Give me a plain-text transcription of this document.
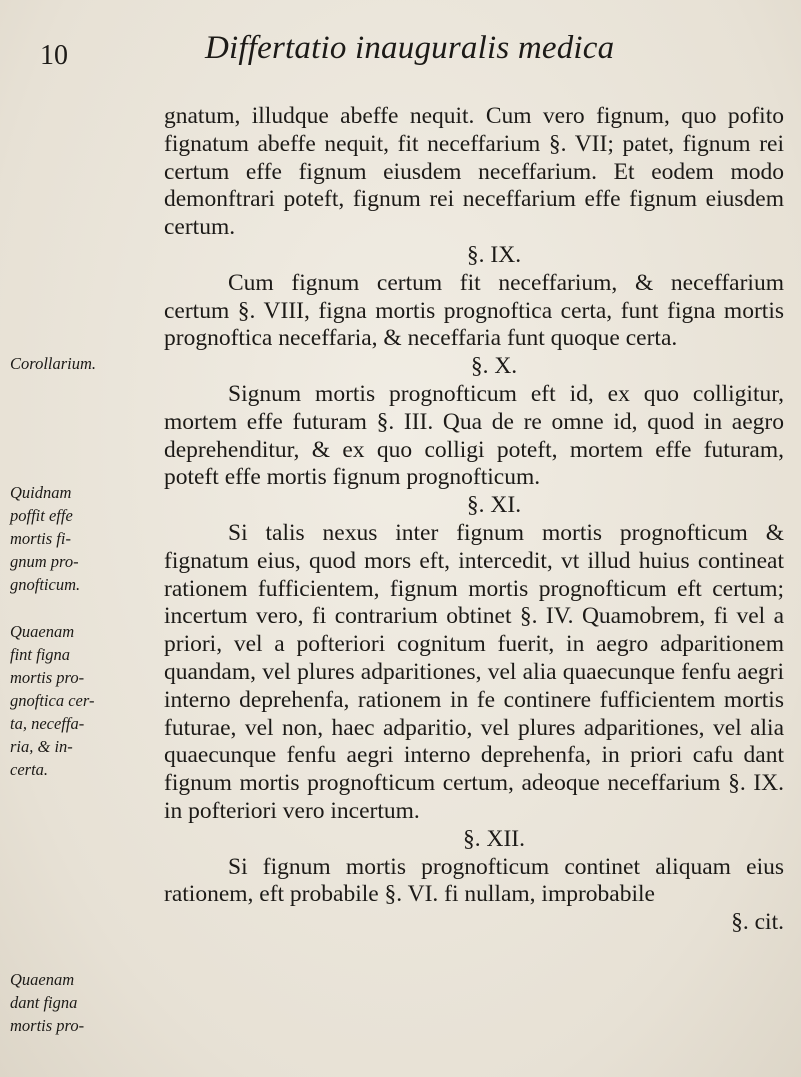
10	Differtatio inauguralis medica
Corollarium.
Quidnam
poffit effe
mortis fi-
gnum pro-
gnofticum.
Quaenam
fint figna
mortis pro-
gnoftica cer-
ta, neceffa-
ria, & in-
certa.
Quaenam
dant figna
mortis pro-

gnatum, illudque abeffe nequit. Cum vero fignum, quo pofito fignatum abeffe nequit, fit neceffarium §. VII; patet, fignum rei certum effe fignum eiusdem neceffarium. Et eodem modo demonftrari poteft, fignum rei neceffarium effe fignum eiusdem certum.

§. IX.

Cum fignum certum fit neceffarium, & neceffarium certum §. VIII, figna mortis prognoftica certa, funt figna mortis prognoftica neceffaria, & neceffaria funt quoque certa.

§. X.

Signum mortis prognofticum eft id, ex quo colligitur, mortem effe futuram §. III. Qua de re omne id, quod in aegro deprehenditur, & ex quo colligi poteft, mortem effe futuram, poteft effe mortis fignum prognofticum.

§. XI.

Si talis nexus inter fignum mortis prognofticum & fignatum eius, quod mors eft, intercedit, vt illud huius contineat rationem fufficientem, fignum mortis prognofticum eft certum; incertum vero, fi contrarium obtinet §. IV. Quamobrem, fi vel a priori, vel a pofteriori cognitum fuerit, in aegro adparitionem quandam, vel plures adparitiones, vel alia quaecunque fenfu aegri interno deprehenfa, rationem in fe continere fufficientem mortis futurae, vel non, haec adparitio, vel plures adparitiones, vel alia quaecunque fenfu aegri interno deprehenfa, in priori cafu dant fignum mortis prognofticum certum, adeoque neceffarium §. IX. in pofteriori vero incertum.

§. XII.

Si fignum mortis prognofticum continet aliquam eius rationem, eft probabile §. VI. fi nullam, improbabile

§. cit.
